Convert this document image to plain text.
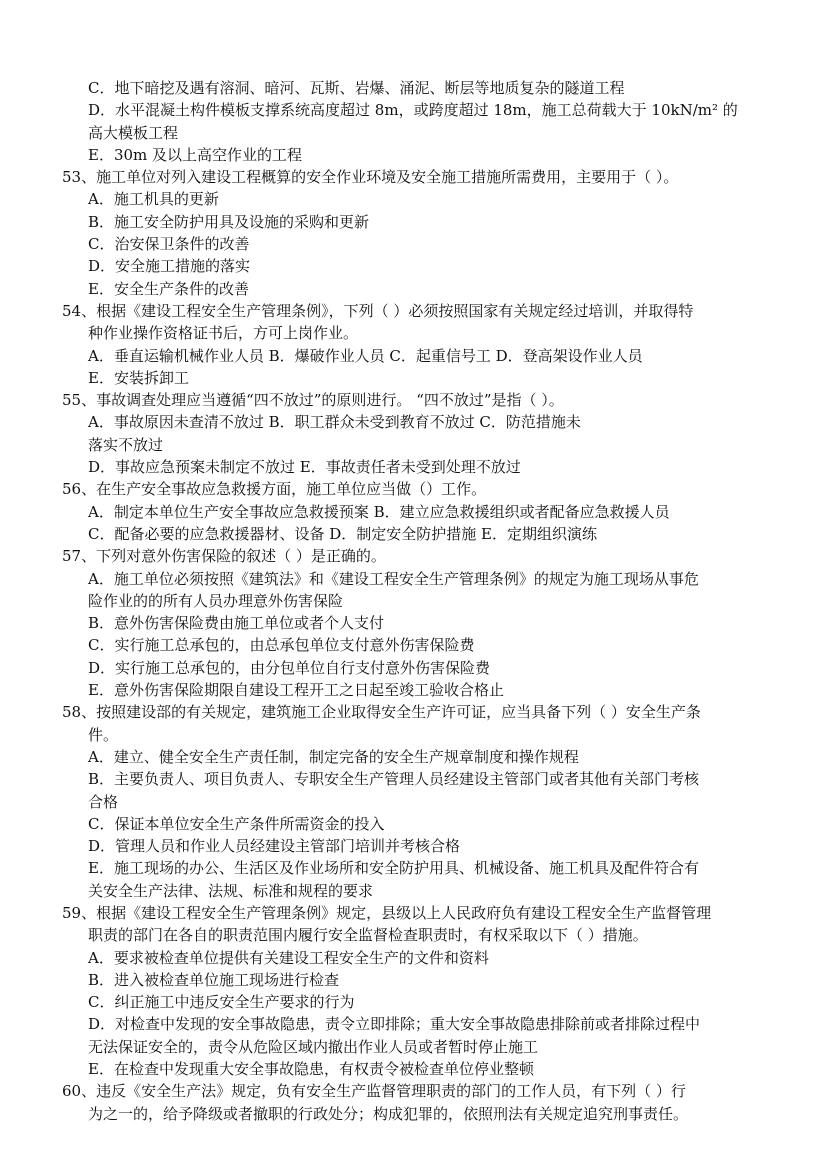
C．地下暗挖及遇有溶洞、暗河、瓦斯、岩爆、涌泥、断层等地质复杂的隧道工程
D．水平混凝土构件模板支撑系统高度超过 8m，或跨度超过 18m，施工总荷载大于 10kN/m² 的
高大模板工程
E．30m 及以上高空作业的工程
53、施工单位对列入建设工程概算的安全作业环境及安全施工措施所需费用，主要用于（ ）。
A．施工机具的更新
B．施工安全防护用具及设施的采购和更新
C．治安保卫条件的改善
D．安全施工措施的落实
E．安全生产条件的改善
54、根据《建设工程安全生产管理条例》，下列（ ）必须按照国家有关规定经过培训，并取得特
种作业操作资格证书后，方可上岗作业。
A．垂直运输机械作业人员 B．爆破作业人员 C．起重信号工 D．登高架设作业人员
E．安装拆卸工
55、事故调查处理应当遵循“四不放过”的原则进行。 “四不放过”是指（ ）。
A．事故原因未查清不放过 B．职工群众未受到教育不放过 C．防范措施未
落实不放过
D．事故应急预案未制定不放过 E．事故责任者未受到处理不放过
56、在生产安全事故应急救援方面，施工单位应当做（）工作。
A．制定本单位生产安全事故应急救援预案 B．建立应急救援组织或者配备应急救援人员
C．配备必要的应急救援器材、设备 D．制定安全防护措施 E．定期组织演练
57、下列对意外伤害保险的叙述（ ）是正确的。
A．施工单位必须按照《建筑法》和《建设工程安全生产管理条例》的规定为施工现场从事危
险作业的的所有人员办理意外伤害保险
B．意外伤害保险费由施工单位或者个人支付
C．实行施工总承包的，由总承包单位支付意外伤害保险费
D．实行施工总承包的，由分包单位自行支付意外伤害保险费
E．意外伤害保险期限自建设工程开工之日起至竣工验收合格止
58、按照建设部的有关规定，建筑施工企业取得安全生产许可证，应当具备下列（ ）安全生产条
件。
A．建立、健全安全生产责任制，制定完备的安全生产规章制度和操作规程
B．主要负责人、项目负责人、专职安全生产管理人员经建设主管部门或者其他有关部门考核
合格
C．保证本单位安全生产条件所需资金的投入
D．管理人员和作业人员经建设主管部门培训并考核合格
E．施工现场的办公、生活区及作业场所和安全防护用具、机械设备、施工机具及配件符合有
关安全生产法律、法规、标准和规程的要求
59、根据《建设工程安全生产管理条例》规定，县级以上人民政府负有建设工程安全生产监督管理
职责的部门在各自的职责范围内履行安全监督检查职责时，有权采取以下（ ）措施。
A．要求被检查单位提供有关建设工程安全生产的文件和资料
B．进入被检查单位施工现场进行检查
C．纠正施工中违反安全生产要求的行为
D．对检查中发现的安全事故隐患，责令立即排除；重大安全事故隐患排除前或者排除过程中
无法保证安全的，责令从危险区域内撤出作业人员或者暂时停止施工
E．在检查中发现重大安全事故隐患，有权责令被检查单位停业整顿
60、违反《安全生产法》规定，负有安全生产监督管理职责的部门的工作人员，有下列（ ）行
为之一的，给予降级或者撤职的行政处分；构成犯罪的，依照刑法有关规定追究刑事责任。
